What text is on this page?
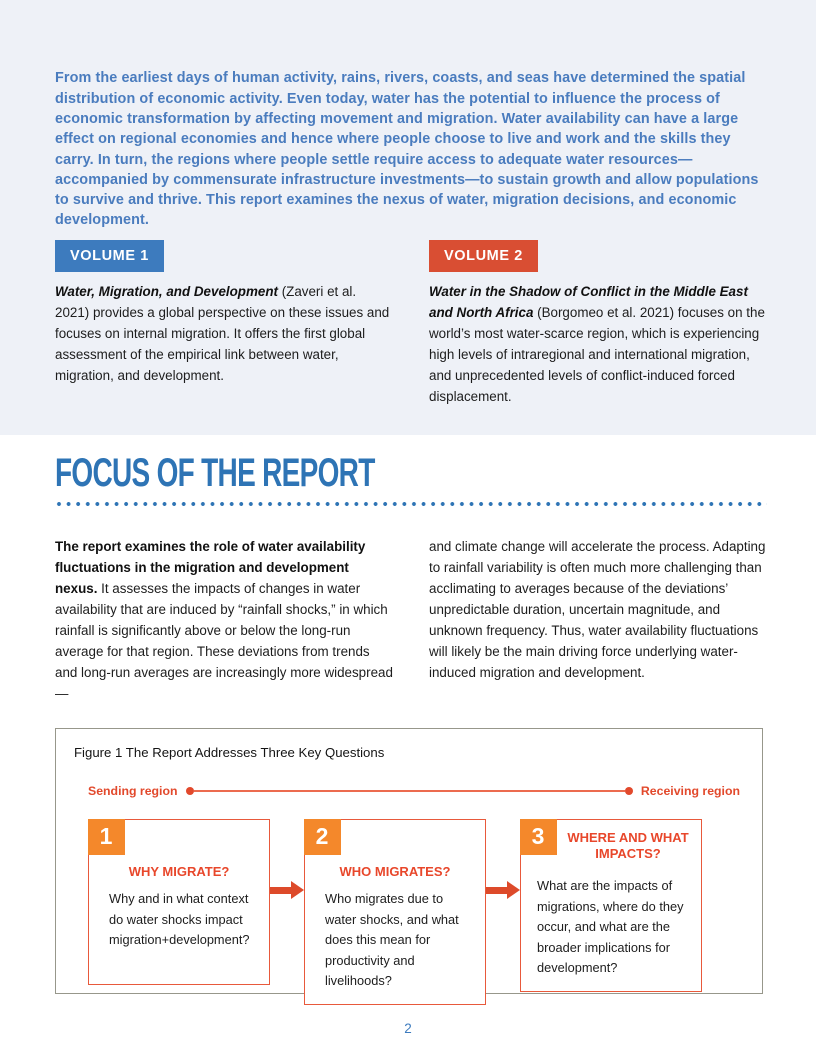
From the earliest days of human activity, rains, rivers, coasts, and seas have determined the spatial distribution of economic activity. Even today, water has the potential to influence the process of economic transformation by affecting movement and migration. Water availability can have a large effect on regional economies and hence where people choose to live and work and the skills they carry. In turn, the regions where people settle require access to adequate water resources—accompanied by commensurate infrastructure investments—to sustain growth and allow populations to survive and thrive. This report examines the nexus of water, migration decisions, and economic development.

VOLUME 1

Water, Migration, and Development (Zaveri et al. 2021) provides a global perspective on these issues and focuses on internal migration. It offers the first global assessment of the empirical link between water, migration, and development.

VOLUME 2

Water in the Shadow of Conflict in the Middle East and North Africa (Borgomeo et al. 2021) focuses on the world’s most water-scarce region, which is experiencing high levels of intraregional and international migration, and unprecedented levels of conflict-induced forced displacement.

FOCUS OF THE REPORT

The report examines the role of water availability fluctuations in the migration and development nexus. It assesses the impacts of changes in water availability that are induced by “rainfall shocks,” in which rainfall is significantly above or below the long-run average for that region. These deviations from trends and long-run averages are increasingly more widespread—

and climate change will accelerate the process. Adapting to rainfall variability is often much more challenging than acclimating to averages because of the deviations’ unpredictable duration, uncertain magnitude, and unknown frequency. Thus, water availability fluctuations will likely be the main driving force underlying water-induced migration and development.

Figure 1 The Report Addresses Three Key Questions
Sending region	Receiving region
1
WHY MIGRATE?
Why and in what context do water shocks impact migration+development?
2
WHO MIGRATES?
Who migrates due to water shocks, and what does this mean for productivity and livelihoods?
3	WHERE AND WHAT IMPACTS?
What are the impacts of migrations, where do they occur, and what are the broader implications for development?
2
